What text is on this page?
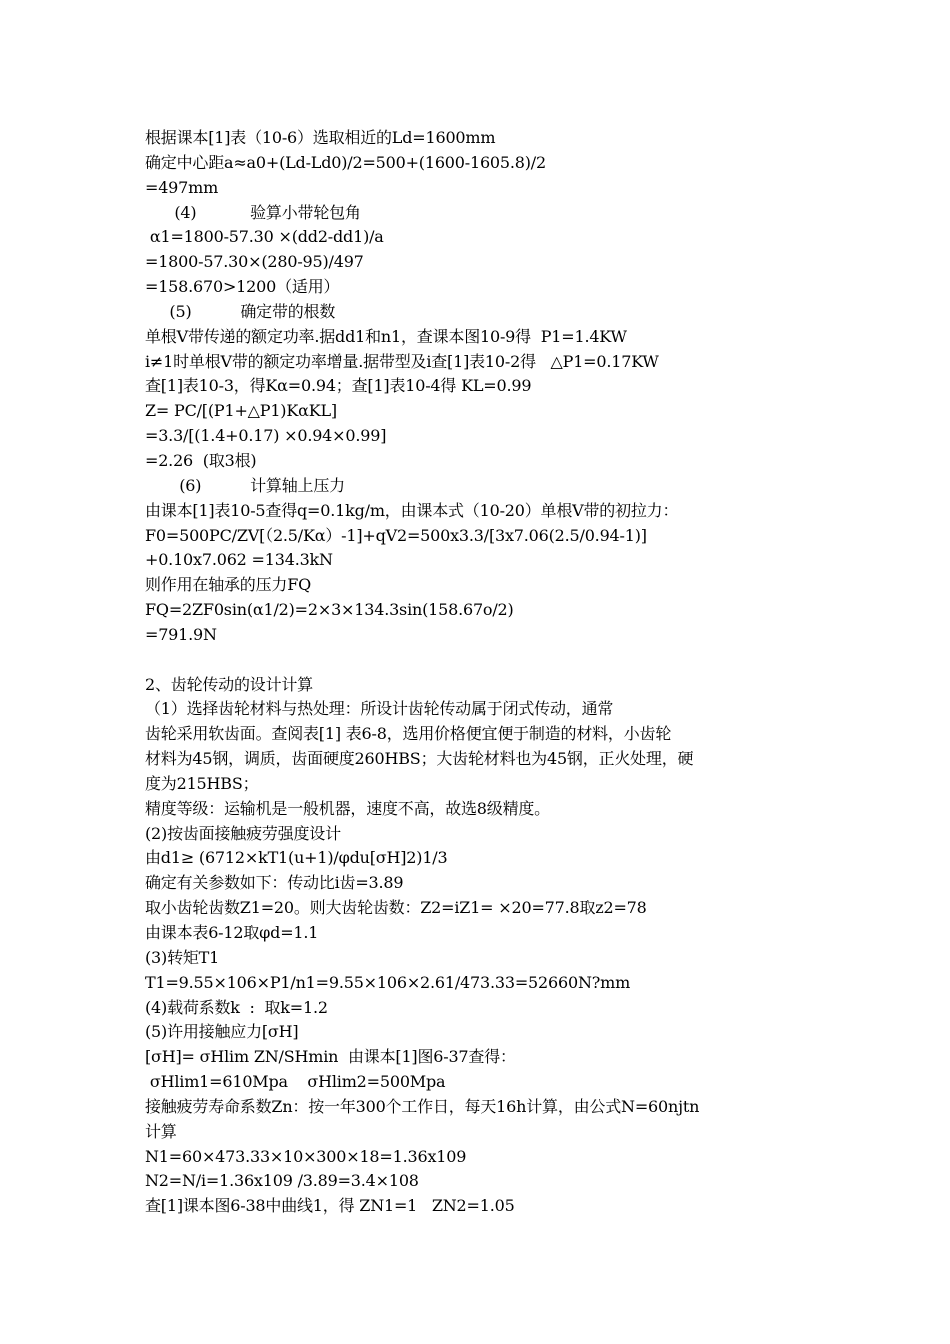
根据课本[1]表（10-6）选取相近的Ld=1600mm
确定中心距a≈a0+(Ld-Ld0)/2=500+(1600-1605.8)/2
=497mm
(4)           验算小带轮包角
α1=1800-57.30 ×(dd2-dd1)/a
=1800-57.30×(280-95)/497
=158.670>1200（适用）
(5)          确定带的根数
单根V带传递的额定功率.据dd1和n1，查课本图10-9得  P1=1.4KW
i≠1时单根V带的额定功率增量.据带型及i查[1]表10-2得   △P1=0.17KW
查[1]表10-3，得Kα=0.94；查[1]表10-4得 KL=0.99
Z= PC/[(P1+△P1)KαKL]
=3.3/[(1.4+0.17) ×0.94×0.99]
=2.26  (取3根)
(6)          计算轴上压力
由课本[1]表10-5查得q=0.1kg/m，由课本式（10-20）单根V带的初拉力：
F0=500PC/ZV[（2.5/Kα）-1]+qV2=500x3.3/[3x7.06(2.5/0.94-1)]
+0.10x7.062 =134.3kN
则作用在轴承的压力FQ
FQ=2ZF0sin(α1/2)=2×3×134.3sin(158.67o/2)
=791.9N
2、齿轮传动的设计计算
（1）选择齿轮材料与热处理：所设计齿轮传动属于闭式传动，通常
齿轮采用软齿面。查阅表[1] 表6-8，选用价格便宜便于制造的材料，小齿轮
材料为45钢，调质，齿面硬度260HBS；大齿轮材料也为45钢，正火处理，硬
度为215HBS；
精度等级：运输机是一般机器，速度不高，故选8级精度。
(2)按齿面接触疲劳强度设计
由d1≥ (6712×kT1(u+1)/φdu[σH]2)1/3
确定有关参数如下：传动比i齿=3.89
取小齿轮齿数Z1=20。则大齿轮齿数：Z2=iZ1= ×20=77.8取z2=78
由课本表6-12取φd=1.1
(3)转矩T1
T1=9.55×106×P1/n1=9.55×106×2.61/473.33=52660N?mm
(4)载荷系数k  :  取k=1.2
(5)许用接触应力[σH]
[σH]= σHlim ZN/SHmin  由课本[1]图6-37查得：
σHlim1=610Mpa    σHlim2=500Mpa
接触疲劳寿命系数Zn：按一年300个工作日，每天16h计算，由公式N=60njtn
计算
N1=60×473.33×10×300×18=1.36x109
N2=N/i=1.36x109 /3.89=3.4×108
查[1]课本图6-38中曲线1，得 ZN1=1   ZN2=1.05
